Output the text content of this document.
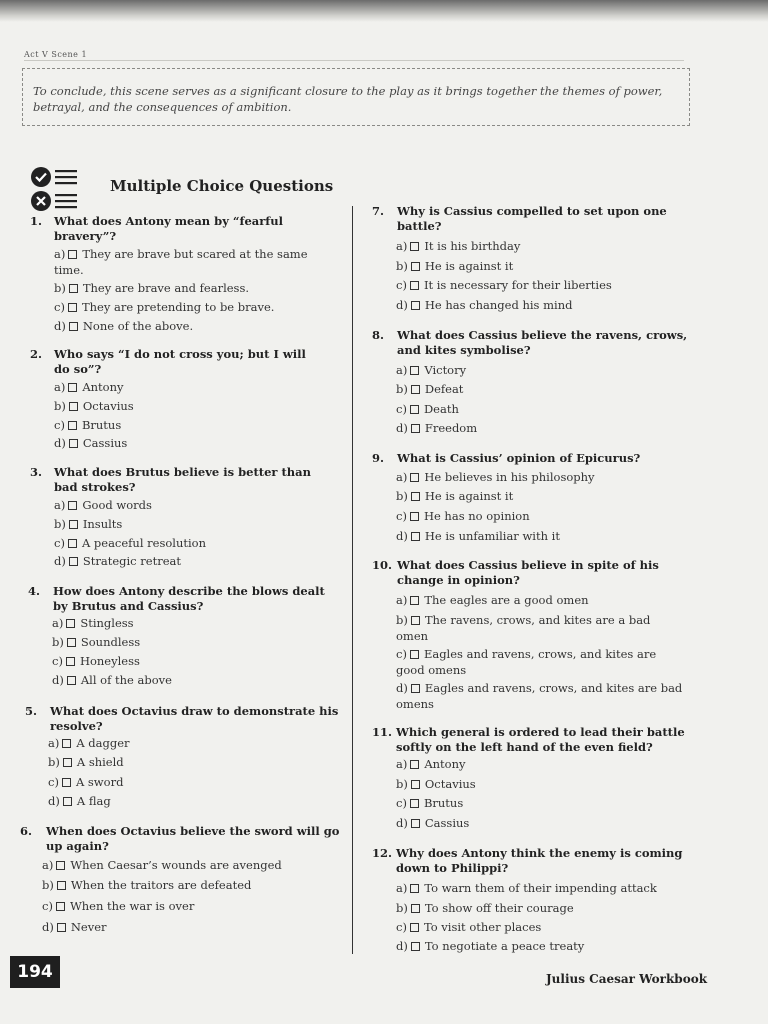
Act V Scene 1
To conclude, this scene serves as a significant closure to the play as it brings together the themes of power, betrayal, and the consequences of ambition.
Multiple Choice Questions
1. What does Antony mean by “fearful bravery”?
a) They are brave but scared at the same time.
b) They are brave and fearless.
c) They are pretending to be brave.
d) None of the above.
2. Who says “I do not cross you; but I will do so”?
a) Antony
b) Octavius
c) Brutus
d) Cassius
3. What does Brutus believe is better than bad strokes?
a) Good words
b) Insults
c) A peaceful resolution
d) Strategic retreat
4. How does Antony describe the blows dealt by Brutus and Cassius?
a) Stingless
b) Soundless
c) Honeyless
d) All of the above
5. What does Octavius draw to demonstrate his resolve?
a) A dagger
b) A shield
c) A sword
d) A flag
6. When does Octavius believe the sword will go up again?
a) When Caesar’s wounds are avenged
b) When the traitors are defeated
c) When the war is over
d) Never
7. Why is Cassius compelled to set upon one battle?
a) It is his birthday
b) He is against it
c) It is necessary for their liberties
d) He has changed his mind
8. What does Cassius believe the ravens, crows, and kites symbolise?
a) Victory
b) Defeat
c) Death
d) Freedom
9. What is Cassius’ opinion of Epicurus?
a) He believes in his philosophy
b) He is against it
c) He has no opinion
d) He is unfamiliar with it
10. What does Cassius believe in spite of his change in opinion?
a) The eagles are a good omen
b) The ravens, crows, and kites are a bad omen
c) Eagles and ravens, crows, and kites are good omens
d) Eagles and ravens, crows, and kites are bad omens
11. Which general is ordered to lead their battle softly on the left hand of the even field?
a) Antony
b) Octavius
c) Brutus
d) Cassius
12. Why does Antony think the enemy is coming down to Philippi?
a) To warn them of their impending attack
b) To show off their courage
c) To visit other places
d) To negotiate a peace treaty
194	Julius Caesar Workbook
